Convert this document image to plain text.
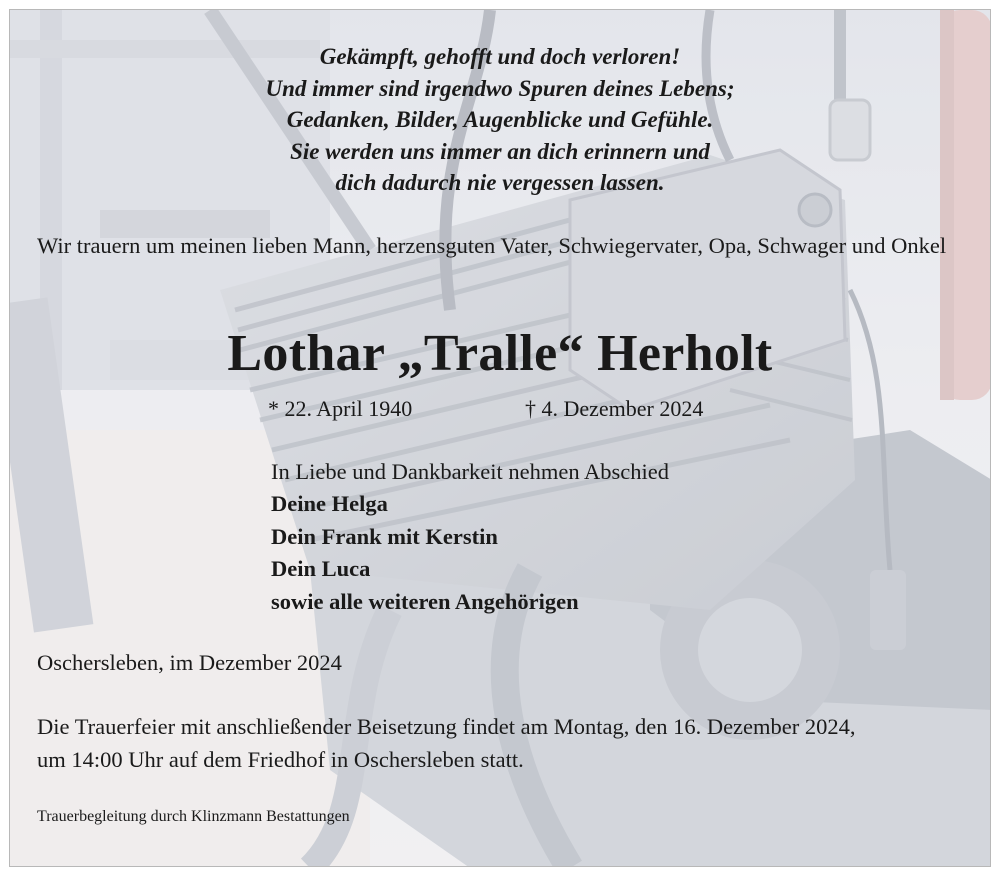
Gekämpft, gehofft und doch verloren!
Und immer sind irgendwo Spuren deines Lebens;
Gedanken, Bilder, Augenblicke und Gefühle.
Sie werden uns immer an dich erinnern und
dich dadurch nie vergessen lassen.

Wir trauern um meinen lieben Mann, herzensguten Vater, Schwiegervater, Opa, Schwager und Onkel

Lothar „Tralle“ Herholt
* 22. April 1940	† 4. Dezember 2024
In Liebe und Dankbarkeit nehmen Abschied
Deine Helga
Dein Frank mit Kerstin
Dein Luca
sowie alle weiteren Angehörigen
Oschersleben, im Dezember 2024
Die Trauerfeier mit anschließender Beisetzung findet am Montag, den 16. Dezember 2024,
um 14:00 Uhr auf dem Friedhof in Oschersleben statt.
Trauerbegleitung durch Klinzmann Bestattungen
